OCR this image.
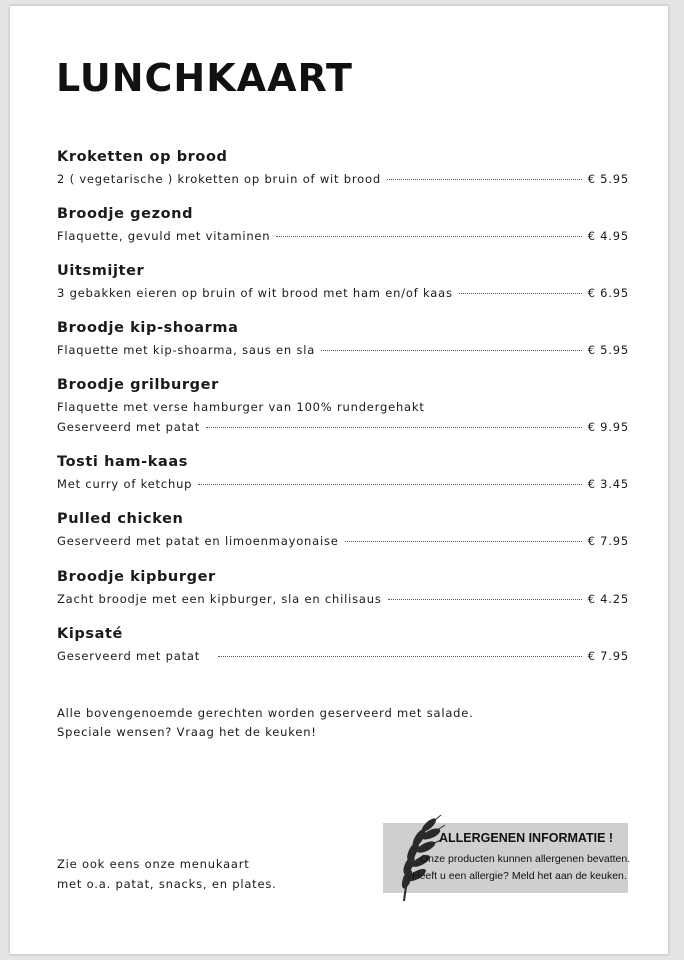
LUNCHKAART
Kroketten op brood
2 ( vegetarische ) kroketten op bruin of wit brood	€ 5.95
Broodje gezond
Flaquette, gevuld met vitaminen	€ 4.95
Uitsmijter
3 gebakken eieren op bruin of wit brood met ham en/of kaas	€ 6.95
Broodje kip-shoarma
Flaquette met kip-shoarma, saus en sla	€ 5.95
Broodje grilburger
Flaquette met verse hamburger van 100% rundergehakt
Geserveerd met patat	€ 9.95
Tosti ham-kaas
Met curry of ketchup	€ 3.45
Pulled chicken
Geserveerd met patat en limoenmayonaise	€ 7.95
Broodje kipburger
Zacht broodje met een kipburger, sla en chilisaus	€ 4.25
Kipsaté
Geserveerd met patat	€ 7.95
Alle bovengenoemde gerechten worden geserveerd met salade.
Speciale wensen? Vraag het de keuken!
Zie ook eens onze menukaart
met o.a. patat, snacks, en plates.
ALLERGENEN INFORMATIE !
Onze producten kunnen allergenen bevatten.
Heeft u een allergie? Meld het aan de keuken.
